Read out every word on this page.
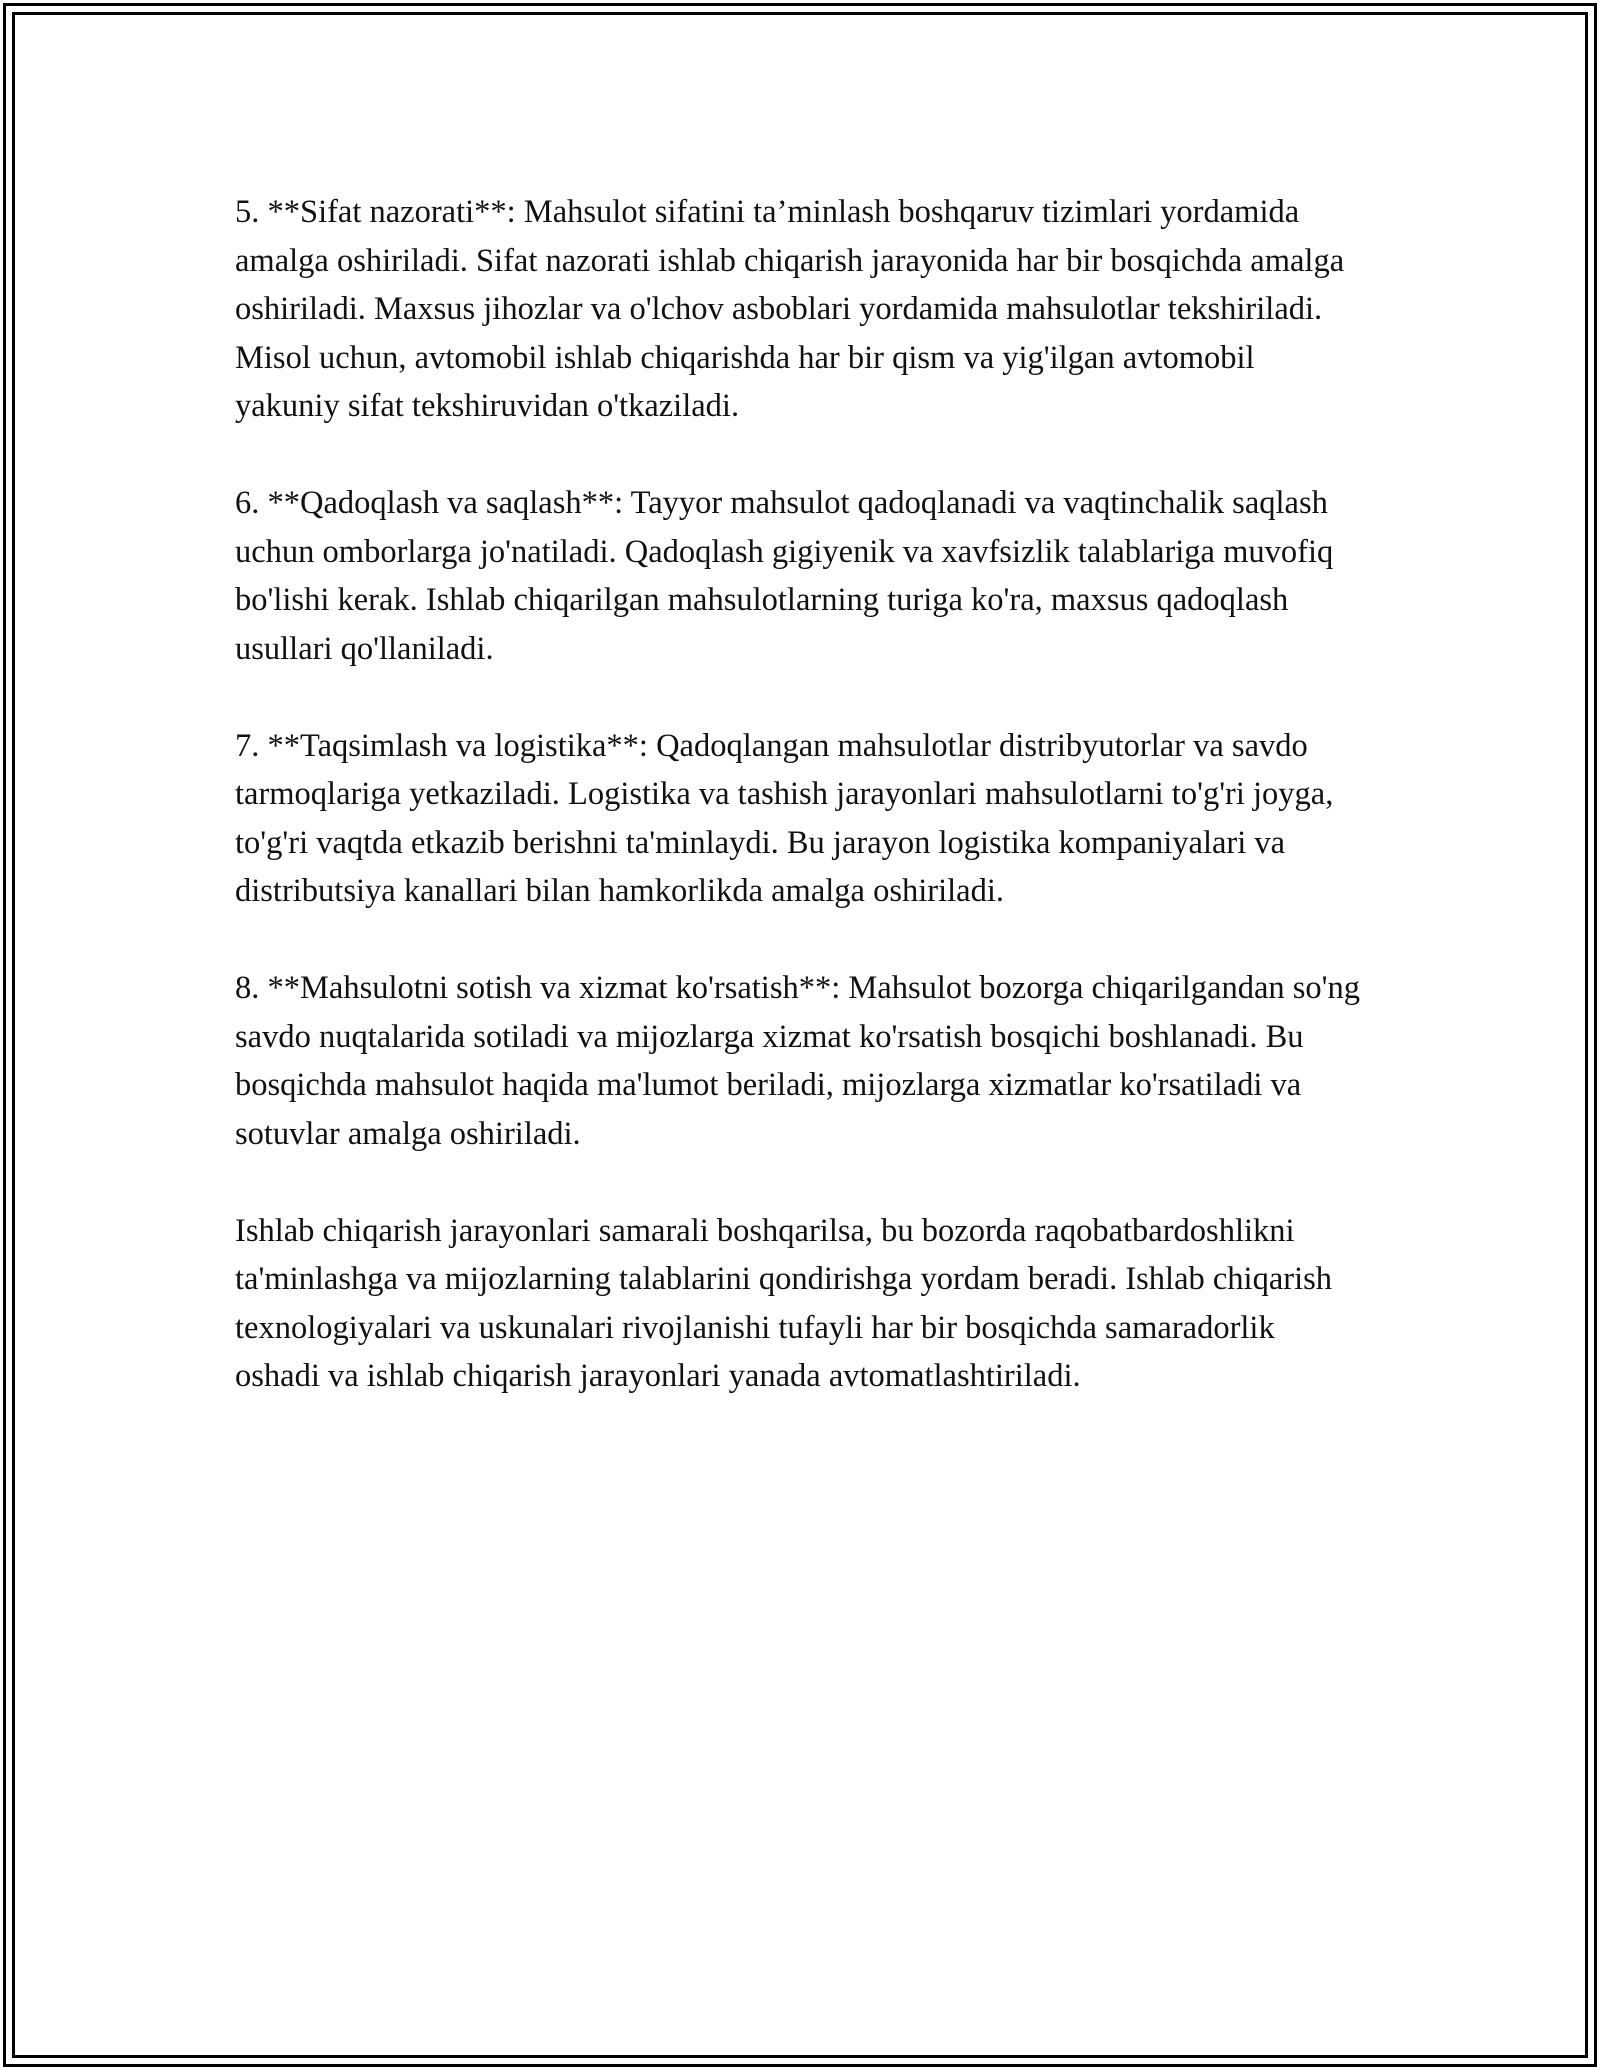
5. **Sifat nazorati**: Mahsulot sifatini ta’minlash boshqaruv tizimlari yordamida amalga oshiriladi. Sifat nazorati ishlab chiqarish jarayonida har bir bosqichda amalga oshiriladi. Maxsus jihozlar va o'lchov asboblari yordamida mahsulotlar tekshiriladi. Misol uchun, avtomobil ishlab chiqarishda har bir qism va yig'ilgan avtomobil yakuniy sifat tekshiruvidan o'tkaziladi.

6. **Qadoqlash va saqlash**: Tayyor mahsulot qadoqlanadi va vaqtinchalik saqlash uchun omborlarga jo'natiladi. Qadoqlash gigiyenik va xavfsizlik talablariga muvofiq bo'lishi kerak. Ishlab chiqarilgan mahsulotlarning turiga ko'ra, maxsus qadoqlash usullari qo'llaniladi.

7. **Taqsimlash va logistika**: Qadoqlangan mahsulotlar distribyutorlar va savdo tarmoqlariga yetkaziladi. Logistika va tashish jarayonlari mahsulotlarni to'g'ri joyga, to'g'ri vaqtda etkazib berishni ta'minlaydi. Bu jarayon logistika kompaniyalari va distributsiya kanallari bilan hamkorlikda amalga oshiriladi.

8. **Mahsulotni sotish va xizmat ko'rsatish**: Mahsulot bozorga chiqarilgandan so'ng savdo nuqtalarida sotiladi va mijozlarga xizmat ko'rsatish bosqichi boshlanadi. Bu bosqichda mahsulot haqida ma'lumot beriladi, mijozlarga xizmatlar ko'rsatiladi va sotuvlar amalga oshiriladi.

Ishlab chiqarish jarayonlari samarali boshqarilsa, bu bozorda raqobatbardoshlikni ta'minlashga va mijozlarning talablarini qondirishga yordam beradi. Ishlab chiqarish texnologiyalari va uskunalari rivojlanishi tufayli har bir bosqichda samaradorlik oshadi va ishlab chiqarish jarayonlari yanada avtomatlashtiriladi.
